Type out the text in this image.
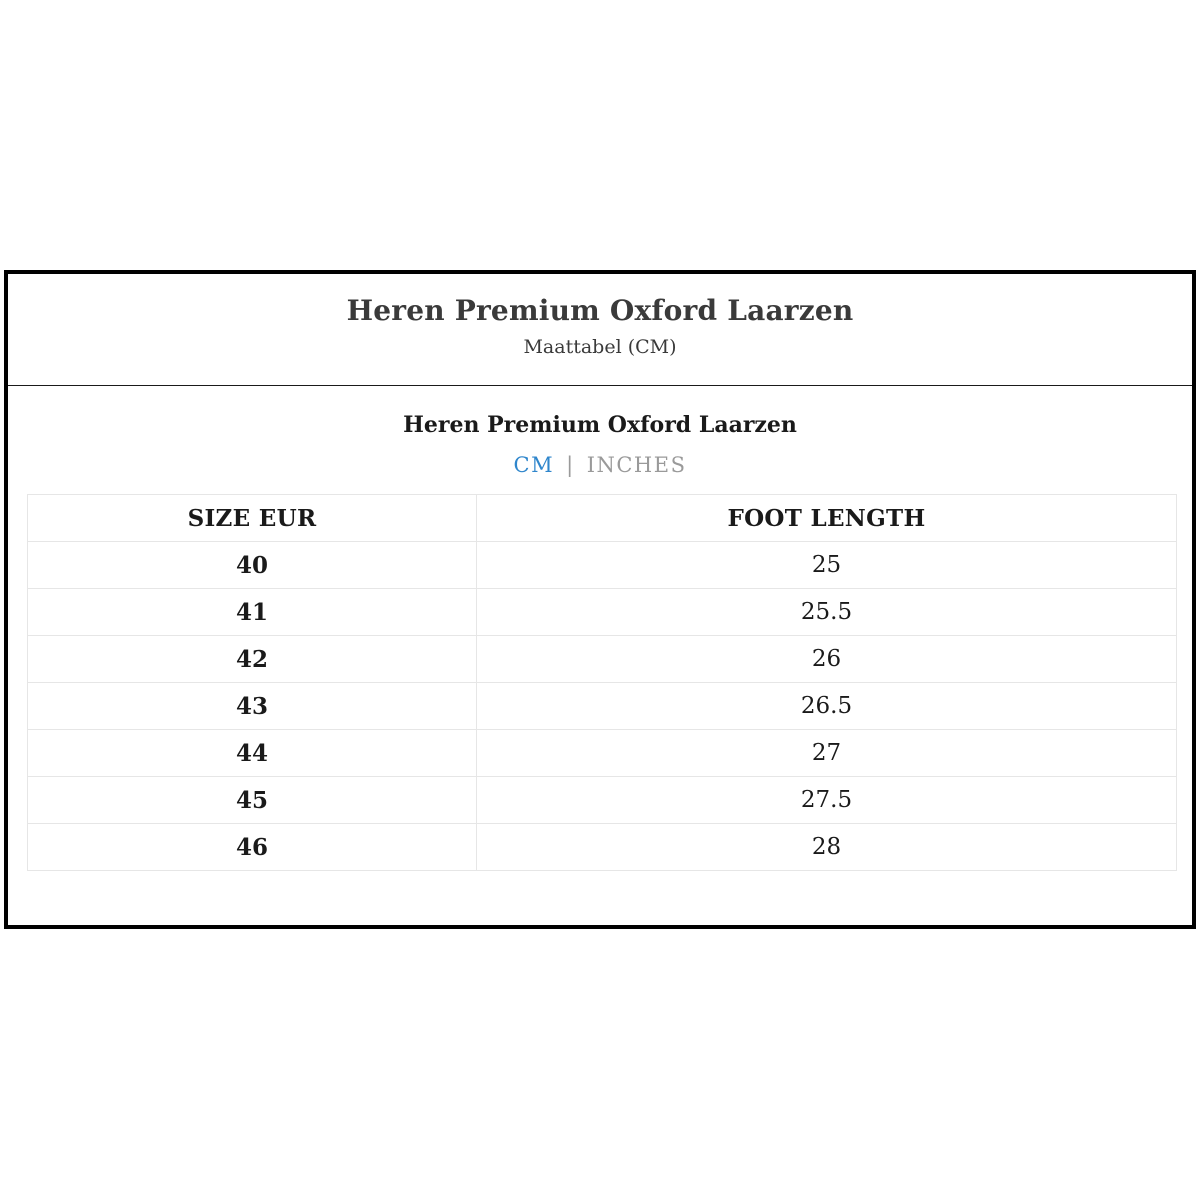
Heren Premium Oxford Laarzen
Maattabel (CM)
Heren Premium Oxford Laarzen
CM | INCHES
SIZE EUR	FOOT LENGTH
40	25
41	25.5
42	26
43	26.5
44	27
45	27.5
46	28
